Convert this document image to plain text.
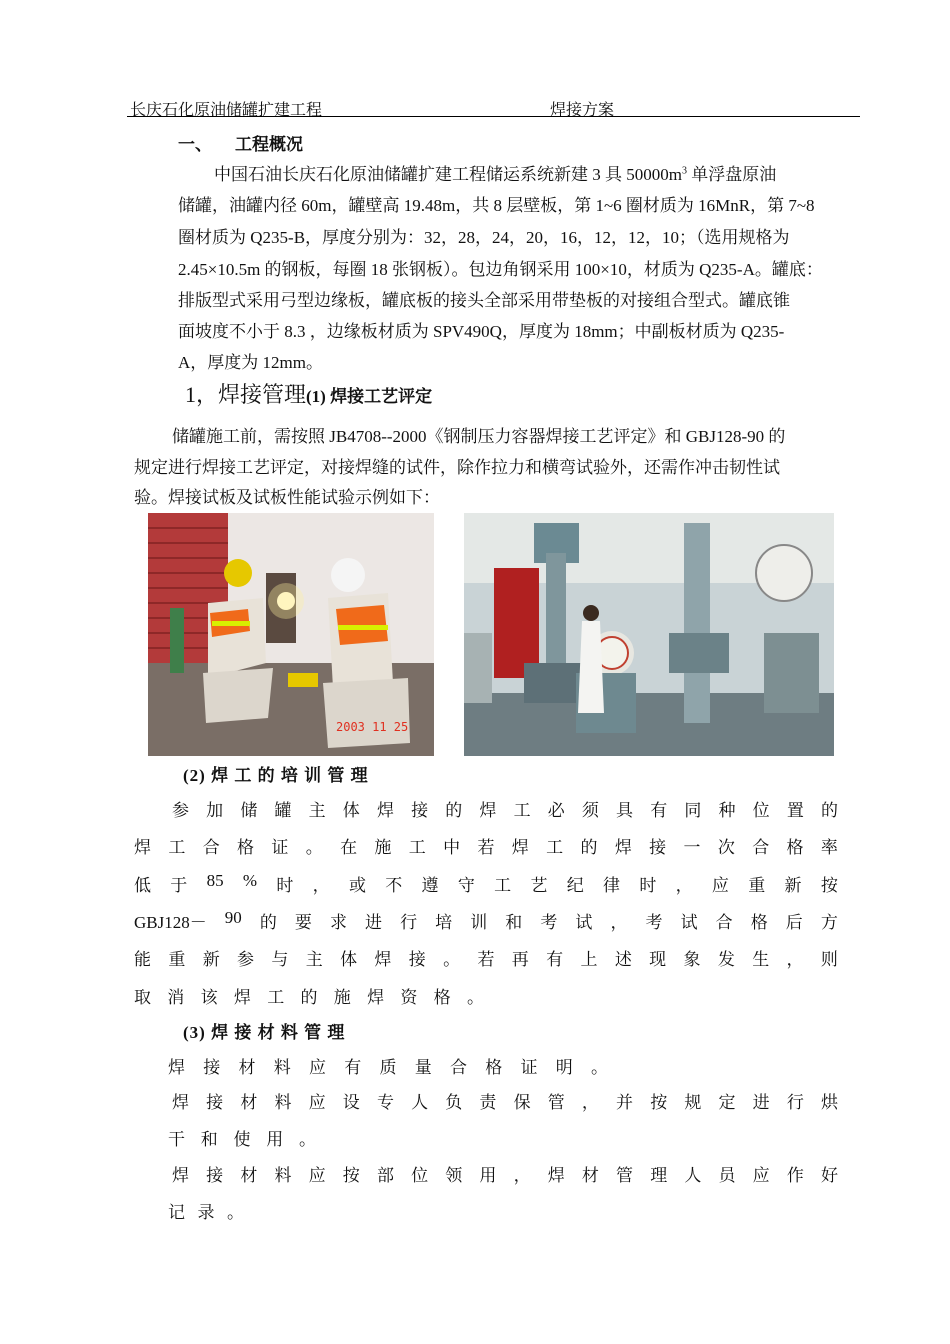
长庆石化原油储罐扩建工程	焊接方案
一、 工程概况
中国石油长庆石化原油储罐扩建工程储运系统新建 3 具 $50000m^3$ 单浮盘原油
储罐，油罐内径 60m，罐壁高 19.48m，共 8 层壁板，第 1~6 圈材质为 16MnR，第 7~8
圈材质为 Q235-B，厚度分别为：32，28，24，20，16，12，12，10；（选用规格为
2.45×10.5m 的钢板，每圈 18 张钢板）。包边角钢采用 100×10，材质为 Q235-A。罐底：
排版型式采用弓型边缘板，罐底板的接头全部采用带垫板的对接组合型式。罐底锥
面坡度不小于 8.3 ，边缘板材质为 SPV490Q，厚度为 18mm；中副板材质为 Q235-
A，厚度为 12mm。
1，焊接管理(1) 焊接工艺评定
储罐施工前，需按照 JB4708--2000《钢制压力容器焊接工艺评定》和 GBJ128-90 的
规定进行焊接工艺评定，对接焊缝的试件，除作拉力和横弯试验外，还需作冲击韧性试
验。焊接试板及试板性能试验示例如下：
2003 11 25
(2) 焊 工 的 培 训 管 理
参 加 储 罐 主 体 焊 接 的 焊 工 必 须 具 有 同 种 位 置 的
焊 工 合 格 证 。 在 施 工 中 若 焊 工 的 焊 接 一 次 合 格 率
低 于 85 % 时 ， 或 不 遵 守 工 艺 纪 律 时 ， 应 重 新 按
GBJ128－ 90 的 要 求 进 行 培 训 和 考 试 ， 考 试 合 格 后 方
能 重 新 参 与 主 体 焊 接 。 若 再 有 上 述 现 象 发 生 ， 则
取 消 该 焊 工 的 施 焊 资 格 。
(3) 焊 接 材 料 管 理
焊 接 材 料 应 有 质 量 合 格 证 明 。
焊 接 材 料 应 设 专 人 负 责 保 管 ， 并 按 规 定 进 行 烘
干 和 使 用 。
焊 接 材 料 应 按 部 位 领 用 ， 焊 材 管 理 人 员 应 作 好
记 录 。
